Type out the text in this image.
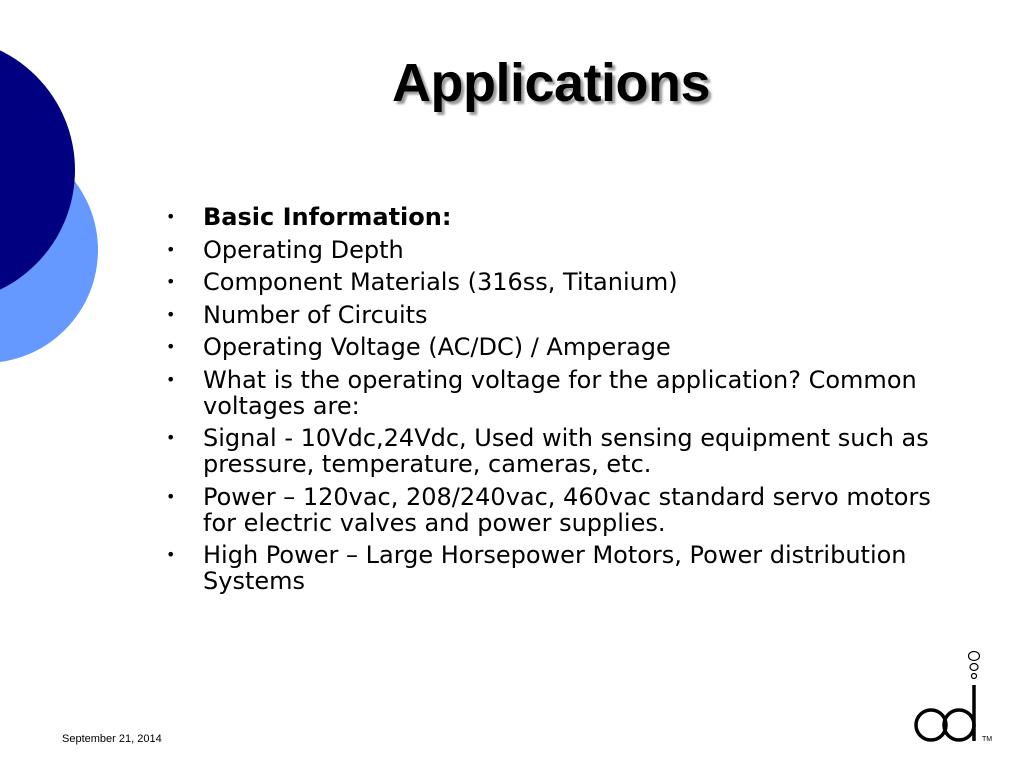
Applications
• Basic Information:
• Operating Depth
• Component Materials (316ss, Titanium)
• Number of Circuits
• Operating Voltage (AC/DC) / Amperage
• What is the operating voltage for the application? Common voltages are:
• Signal - 10Vdc,24Vdc, Used with sensing equipment such as pressure, temperature, cameras, etc.
• Power – 120vac, 208/240vac, 460vac standard servo motors for electric valves and power supplies.
• High Power – Large Horsepower Motors, Power distribution Systems
September 21, 2014	TM
